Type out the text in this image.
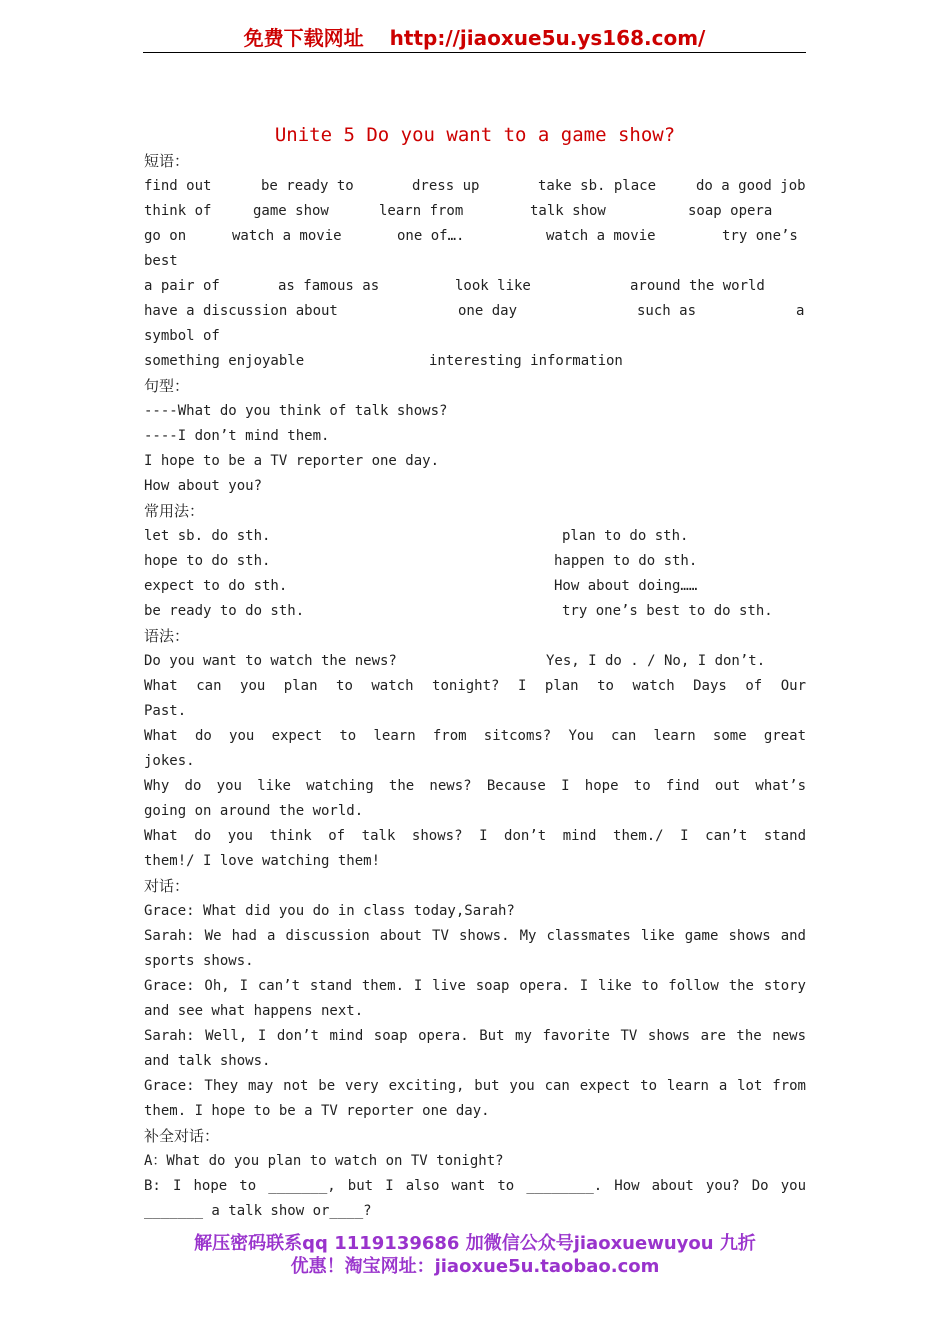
免费下载网址 http://jiaoxue5u.ys168.com/
Unite 5 Do you want to a game show?
短语：
find out	be ready to	dress up	take sb. place	do a good job
think of	game show	learn from	talk show	soap opera
go on	watch a movie	one of….	watch a movie	try one’s
best
a pair of	as famous as	look like	around the world
have a discussion about	one day	such as	a
symbol of
something enjoyable	interesting information
句型：
----What do you think of talk shows?
----I don’t mind them.
I hope to be a TV reporter one day.
How about you?
常用法：
let sb. do sth.	plan to do sth.
hope to do sth.	happen to do sth.
expect to do sth.	How about doing……
be ready to do sth.	try one’s best to do sth.
语法：
Do you want to watch the news?	Yes, I do . / No, I don’t.
What can you plan to watch tonight? I plan to watch Days of Our
Past.
What do you expect to learn from sitcoms? You can learn some great
jokes.
Why do you like watching the news? Because I hope to find out what’s
going on around the world.
What do you think of talk shows? I don’t mind them./ I can’t stand
them!/ I love watching them!
对话：
Grace: What did you do in class today,Sarah?
Sarah: We had a discussion about TV shows. My classmates like game shows and
sports shows.
Grace: Oh, I can’t stand them. I live soap opera. I like to follow the story
and see what happens next.
Sarah: Well, I don’t mind soap opera. But my favorite TV shows are the news
and talk shows.
Grace: They may not be very exciting, but you can expect to learn a lot from
them. I hope to be a TV reporter one day.
补全对话：
A：What do you plan to watch on TV tonight?
B: I hope to _______, but I also want to ________. How about you? Do you
_______ a talk show or____?
解压密码联系qq 1119139686 加微信公众号jiaoxuewuyou 九折
优惠！淘宝网址：jiaoxue5u.taobao.com
